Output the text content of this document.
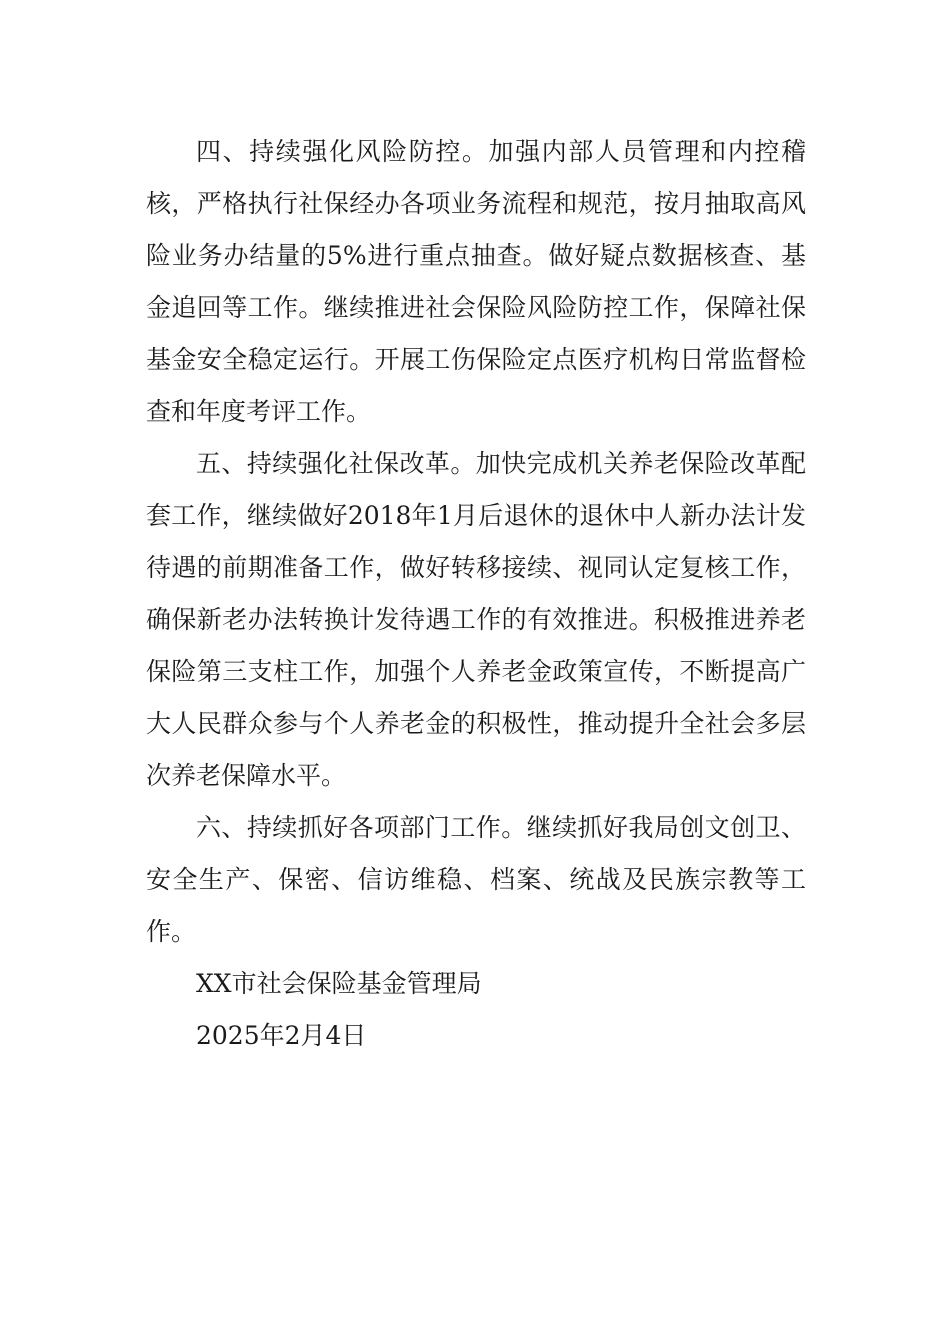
四、持续强化风险防控。加强内部人员管理和内控稽核，严格执行社保经办各项业务流程和规范，按月抽取高风险业务办结量的5%进行重点抽查。做好疑点数据核查、基金追回等工作。继续推进社会保险风险防控工作，保障社保基金安全稳定运行。开展工伤保险定点医疗机构日常监督检查和年度考评工作。

五、持续强化社保改革。加快完成机关养老保险改革配套工作，继续做好2018年1月后退休的退休中人新办法计发待遇的前期准备工作，做好转移接续、视同认定复核工作，确保新老办法转换计发待遇工作的有效推进。积极推进养老保险第三支柱工作，加强个人养老金政策宣传，不断提高广大人民群众参与个人养老金的积极性，推动提升全社会多层次养老保障水平。

六、持续抓好各项部门工作。继续抓好我局创文创卫、安全生产、保密、信访维稳、档案、统战及民族宗教等工作。

XX市社会保险基金管理局

2025年2月4日
